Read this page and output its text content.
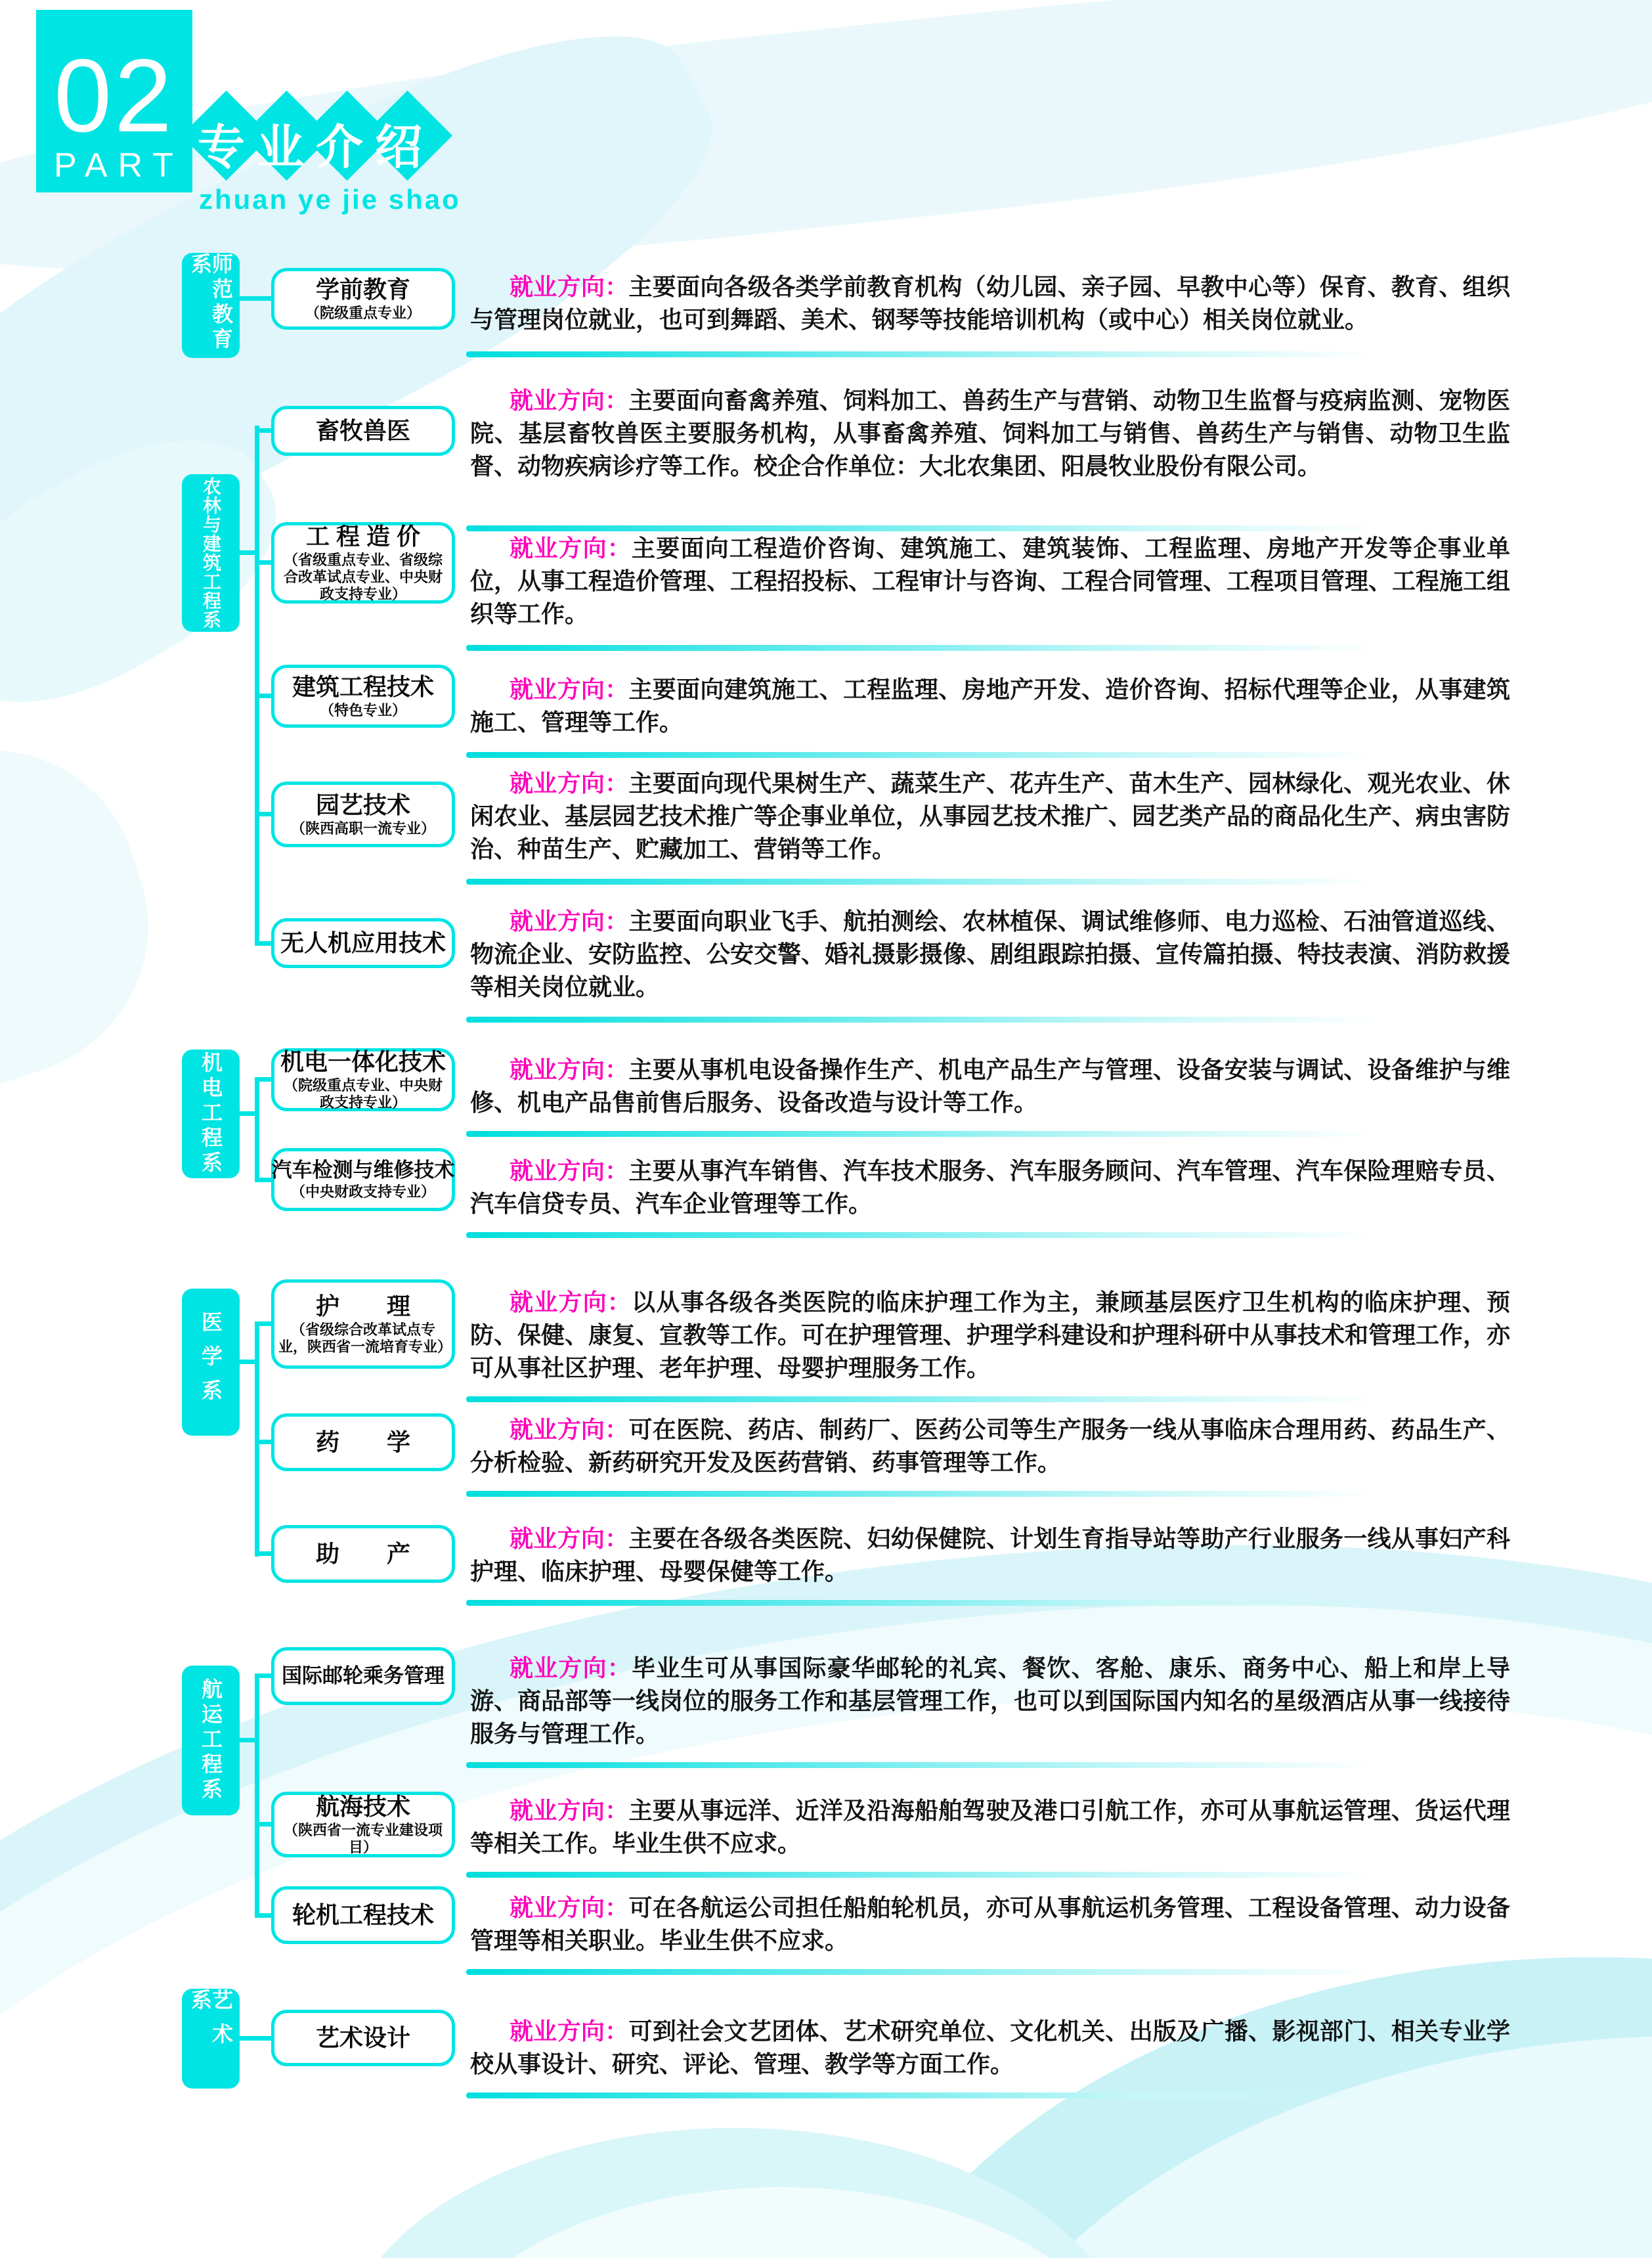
02
PART 专业介绍
zhuan ye jie shao
师范教育系
学前教育
（院级重点专业）
就业方向：主要面向各级各类学前教育机构（幼儿园、亲子园、早教中心等）保育、教育、组织与管理岗位就业，也可到舞蹈、美术、钢琴等技能培训机构（或中心）相关岗位就业。
农林与建筑工程系
畜牧兽医
就业方向：主要面向畜禽养殖、饲料加工、兽药生产与营销、动物卫生监督与疫病监测、宠物医院、基层畜牧兽医主要服务机构，从事畜禽养殖、饲料加工与销售、兽药生产与销售、动物卫生监督、动物疾病诊疗等工作。校企合作单位：大北农集团、阳晨牧业股份有限公司。
工 程 造 价
（省级重点专业、省级综合改革试点专业、中央财政支持专业）
就业方向：主要面向工程造价咨询、建筑施工、建筑装饰、工程监理、房地产开发等企事业单位，从事工程造价管理、工程招投标、工程审计与咨询、工程合同管理、工程项目管理、工程施工组织等工作。
建筑工程技术
（特色专业）
就业方向：主要面向建筑施工、工程监理、房地产开发、造价咨询、招标代理等企业，从事建筑施工、管理等工作。
园艺技术
（陕西高职一流专业）
就业方向：主要面向现代果树生产、蔬菜生产、花卉生产、苗木生产、园林绿化、观光农业、休闲农业、基层园艺技术推广等企事业单位，从事园艺技术推广、园艺类产品的商品化生产、病虫害防治、种苗生产、贮藏加工、营销等工作。
无人机应用技术
就业方向：主要面向职业飞手、航拍测绘、农林植保、调试维修师、电力巡检、石油管道巡线、物流企业、安防监控、公安交警、婚礼摄影摄像、剧组跟踪拍摄、宣传篇拍摄、特技表演、消防救援等相关岗位就业。
机电工程系 机电一体化技术
（院级重点专业、中央财政支持专业）
就业方向：主要从事机电设备操作生产、机电产品生产与管理、设备安装与调试、设备维护与维修、机电产品售前售后服务、设备改造与设计等工作。
汽车检测与维修技术
（中央财政支持专业）
就业方向：主要从事汽车销售、汽车技术服务、汽车服务顾问、汽车管理、汽车保险理赔专员、汽车信贷专员、汽车企业管理等工作。
医学系
护　　理
（省级综合改革试点专业，陕西省一流培育专业）
就业方向：以从事各级各类医院的临床护理工作为主，兼顾基层医疗卫生机构的临床护理、预防、保健、康复、宣教等工作。可在护理管理、护理学科建设和护理科研中从事技术和管理工作，亦可从事社区护理、老年护理、母婴护理服务工作。
药　　学	就业方向：可在医院、药店、制药厂、医药公司等生产服务一线从事临床合理用药、药品生产、分析检验、新药研究开发及医药营销、药事管理等工作。
助　　产
就业方向：主要在各级各类医院、妇幼保健院、计划生育指导站等助产行业服务一线从事妇产科护理、临床护理、母婴保健等工作。
航运工程系
国际邮轮乘务管理	就业方向：毕业生可从事国际豪华邮轮的礼宾、餐饮、客舱、康乐、商务中心、船上和岸上导游、商品部等一线岗位的服务工作和基层管理工作，也可以到国际国内知名的星级酒店从事一线接待服务与管理工作。
航海技术
（陕西省一流专业建设项目）
就业方向：主要从事远洋、近洋及沿海船舶驾驶及港口引航工作，亦可从事航运管理、货运代理等相关工作。毕业生供不应求。
轮机工程技术	就业方向：可在各航运公司担任船舶轮机员，亦可从事航运机务管理、工程设备管理、动力设备管理等相关职业。毕业生供不应求。
艺术系
艺术设计	就业方向：可到社会文艺团体、艺术研究单位、文化机关、出版及广播、影视部门、相关专业学校从事设计、研究、评论、管理、教学等方面工作。
